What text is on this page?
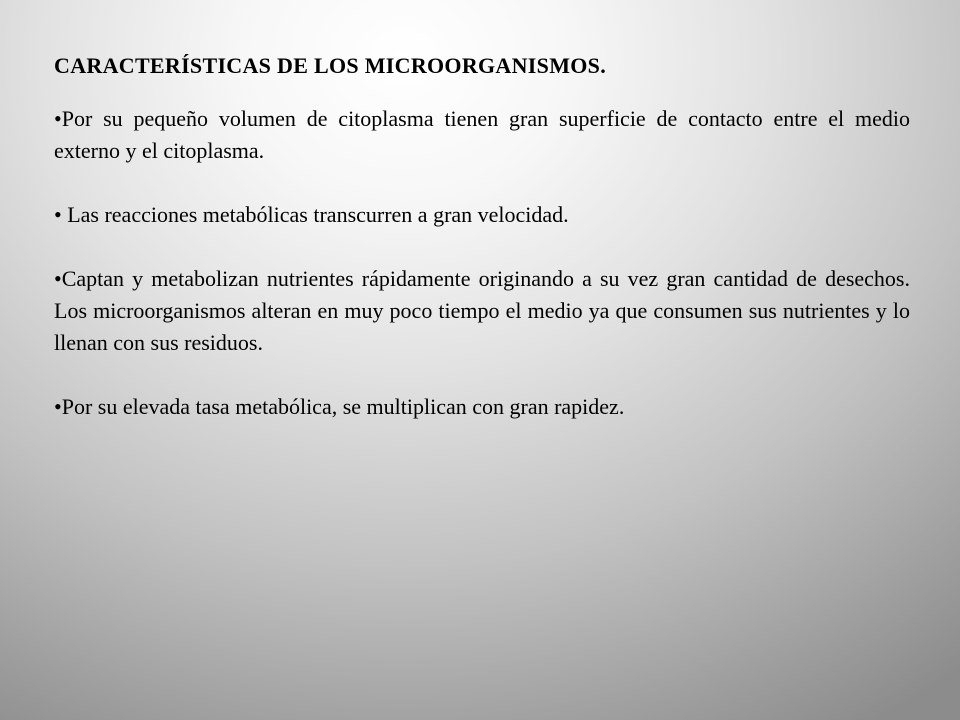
CARACTERÍSTICAS DE LOS MICROORGANISMOS.
•Por su pequeño volumen de citoplasma tienen gran superficie de contacto entre el medio externo y el citoplasma.
• Las reacciones metabólicas transcurren a gran velocidad.
•Captan y metabolizan nutrientes rápidamente originando a su vez gran cantidad de desechos. Los microorganismos alteran en muy poco tiempo el medio ya que consumen sus nutrientes y lo llenan con sus residuos.
•Por su elevada tasa metabólica, se multiplican con gran rapidez.
